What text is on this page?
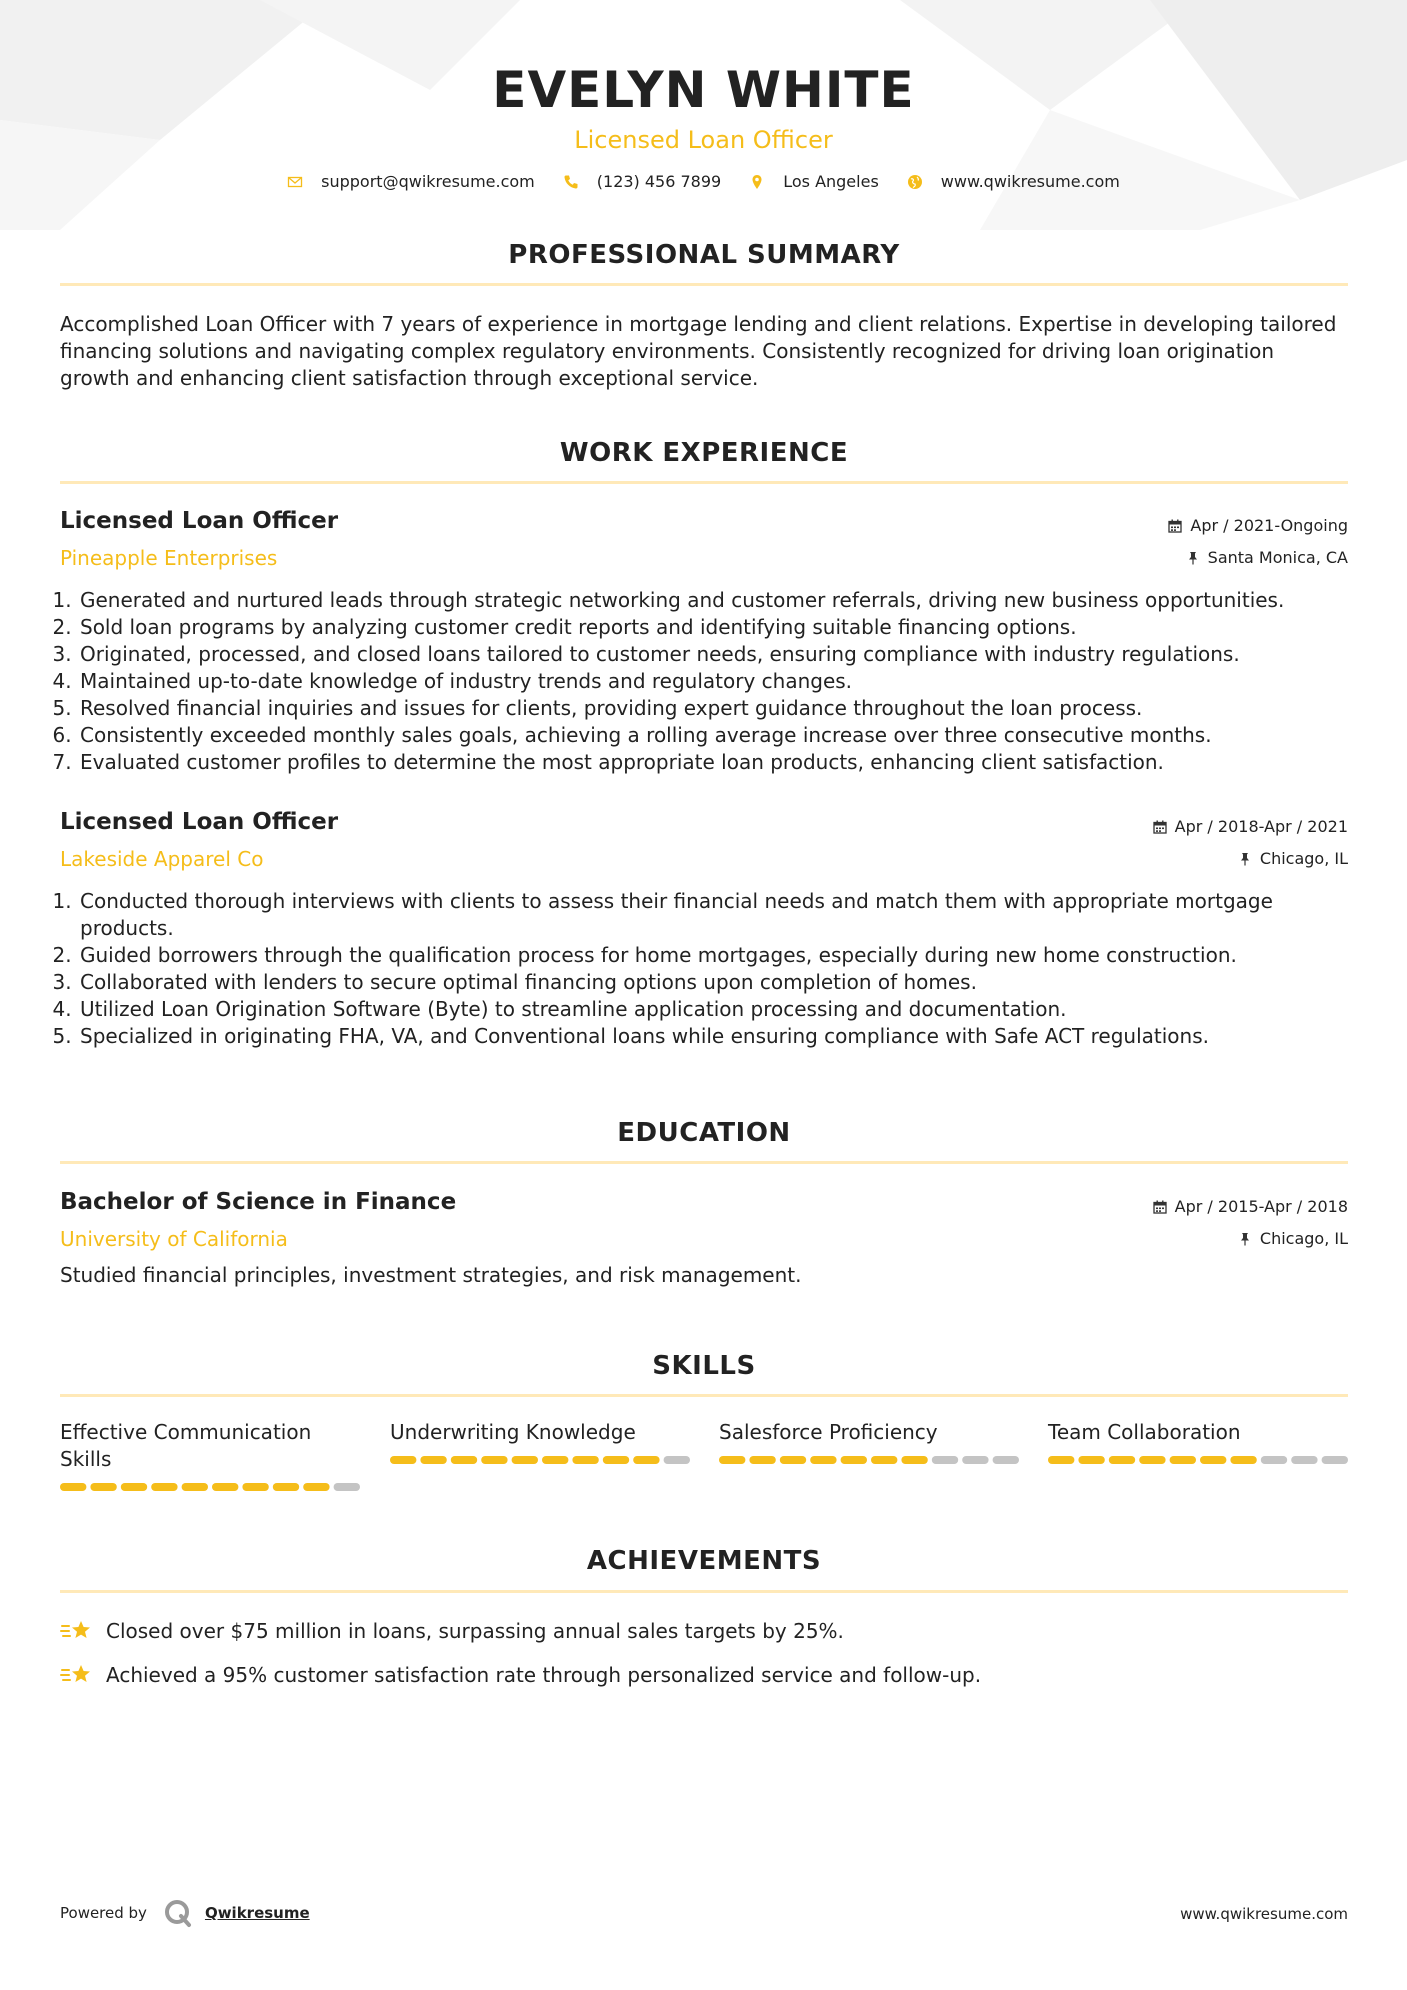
EVELYN WHITE
Licensed Loan Officer
support@qwikresume.com	(123) 456 7899	Los Angeles	www.qwikresume.com
PROFESSIONAL SUMMARY
Accomplished Loan Officer with 7 years of experience in mortgage lending and client relations. Expertise in developing tailored financing solutions and navigating complex regulatory environments. Consistently recognized for driving loan origination growth and enhancing client satisfaction through exceptional service.
WORK EXPERIENCE
Licensed Loan Officer
Pineapple Enterprises
Apr / 2021-Ongoing
Santa Monica, CA
1. Generated and nurtured leads through strategic networking and customer referrals, driving new business opportunities.
2. Sold loan programs by analyzing customer credit reports and identifying suitable financing options.
3. Originated, processed, and closed loans tailored to customer needs, ensuring compliance with industry regulations.
4. Maintained up-to-date knowledge of industry trends and regulatory changes.
5. Resolved financial inquiries and issues for clients, providing expert guidance throughout the loan process.
6. Consistently exceeded monthly sales goals, achieving a rolling average increase over three consecutive months.
7. Evaluated customer profiles to determine the most appropriate loan products, enhancing client satisfaction.
Licensed Loan Officer
Lakeside Apparel Co
Apr / 2018-Apr / 2021
Chicago, IL
1. Conducted thorough interviews with clients to assess their financial needs and match them with appropriate mortgage products.
2. Guided borrowers through the qualification process for home mortgages, especially during new home construction.
3. Collaborated with lenders to secure optimal financing options upon completion of homes.
4. Utilized Loan Origination Software (Byte) to streamline application processing and documentation.
5. Specialized in originating FHA, VA, and Conventional loans while ensuring compliance with Safe ACT regulations.
EDUCATION
Bachelor of Science in Finance
University of California
Apr / 2015-Apr / 2018
Chicago, IL
Studied financial principles, investment strategies, and risk management.
SKILLS
Effective Communication Skills
Underwriting Knowledge	Salesforce Proficiency	Team Collaboration
ACHIEVEMENTS
Closed over $75 million in loans, surpassing annual sales targets by 25%.
Achieved a 95% customer satisfaction rate through personalized service and follow-up.
Powered by	Qwikresume	www.qwikresume.com
